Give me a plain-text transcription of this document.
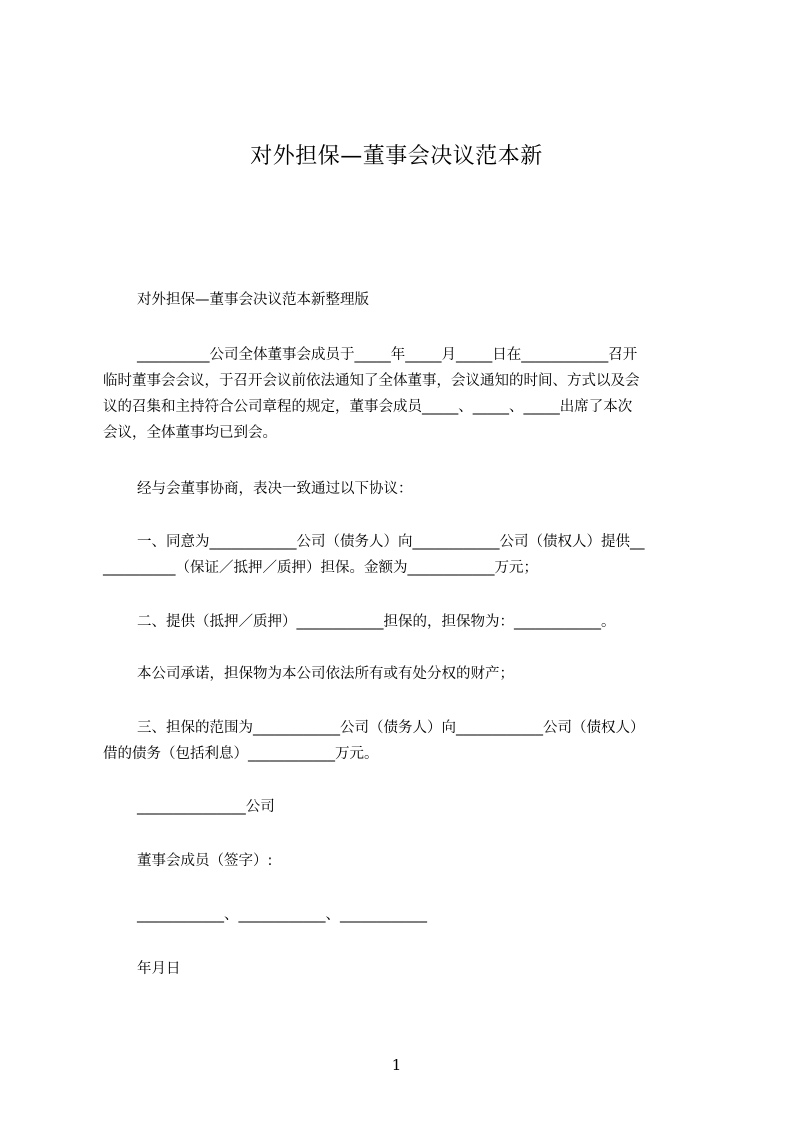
对外担保—董事会决议范本新
对外担保—董事会决议范本新整理版
__________公司全体董事会成员于_____年_____月_____日在____________召开
临时董事会会议，于召开会议前依法通知了全体董事，会议通知的时间、方式以及会
议的召集和主持符合公司章程的规定，董事会成员_____、_____、_____出席了本次
会议，全体董事均已到会。
经与会董事协商，表决一致通过以下协议：
一、同意为____________公司（债务人）向____________公司（债权人）提供__
__________（保证／抵押／质押）担保。金额为____________万元；
二、提供（抵押／质押）____________担保的，担保物为：____________。
本公司承诺，担保物为本公司依法所有或有处分权的财产；
三、担保的范围为____________公司（债务人）向____________公司（债权人）
借的债务（包括利息）____________万元。
_______________公司
董事会成员（签字）:
____________、____________、____________
年月日
1
